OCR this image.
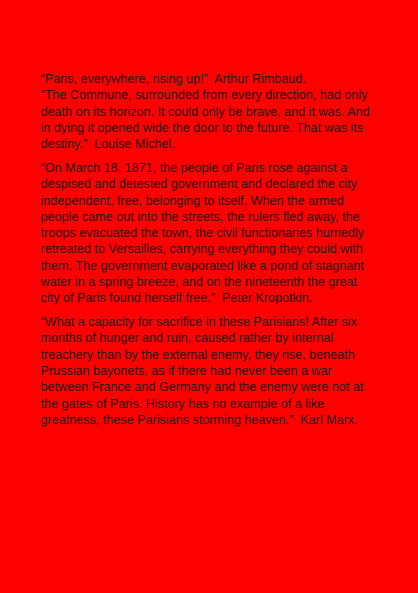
“Paris, everywhere, rising up!” Arthur Rimbaud.
“The Commune, surrounded from every direction, had only death on its horizon. It could only be brave, and it was. And in dying it opened wide the door to the future. That was its destiny.” Louise Michel.

“On March 18, 1871, the people of Paris rose against a despised and detested government and declared the city independent, free, belonging to itself. When the armed people came out into the streets, the rulers fled away, the troops evacuated the town, the civil functionaries hurriedly retreated to Versailles, carrying everything they could with them. The government evaporated like a pond of stagnant water in a spring breeze, and on the nineteenth the great city of Paris found herself free.” Peter Kropotkin.

“What a capacity for sacrifice in these Parisians! After six months of hunger and ruin, caused rather by internal treachery than by the external enemy, they rise, beneath Prussian bayonets, as if there had never been a war between France and Germany and the enemy were not at the gates of Paris. History has no example of a like greatness, these Parisians storming heaven.” Karl Marx.
